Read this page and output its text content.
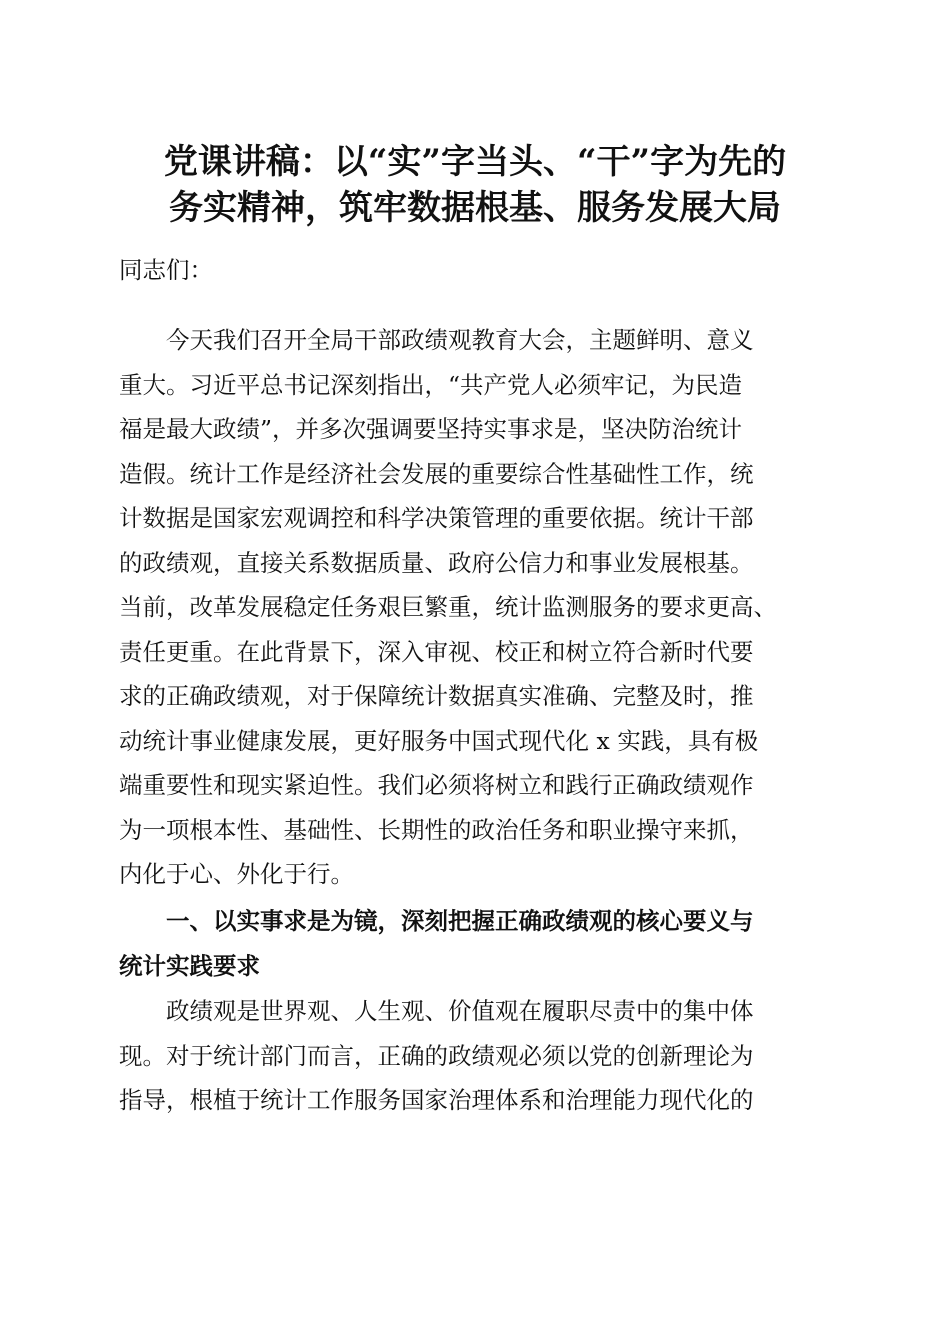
党课讲稿：以“实”字当头、“干”字为先的
务实精神，筑牢数据根基、服务发展大局
同志们：
　　今天我们召开全局干部政绩观教育大会，主题鲜明、意义
重大。习近平总书记深刻指出，“共产党人必须牢记，为民造
福是最大政绩”，并多次强调要坚持实事求是，坚决防治统计
造假。统计工作是经济社会发展的重要综合性基础性工作，统
计数据是国家宏观调控和科学决策管理的重要依据。统计干部
的政绩观，直接关系数据质量、政府公信力和事业发展根基。
当前，改革发展稳定任务艰巨繁重，统计监测服务的要求更高、
责任更重。在此背景下，深入审视、校正和树立符合新时代要
求的正确政绩观，对于保障统计数据真实准确、完整及时，推
动统计事业健康发展，更好服务中国式现代化 x 实践，具有极
端重要性和现实紧迫性。我们必须将树立和践行正确政绩观作
为一项根本性、基础性、长期性的政治任务和职业操守来抓，
内化于心、外化于行。
　　一、以实事求是为镜，深刻把握正确政绩观的核心要义与
统计实践要求
　　政绩观是世界观、人生观、价值观在履职尽责中的集中体
现。对于统计部门而言，正确的政绩观必须以党的创新理论为
指导，根植于统计工作服务国家治理体系和治理能力现代化的
